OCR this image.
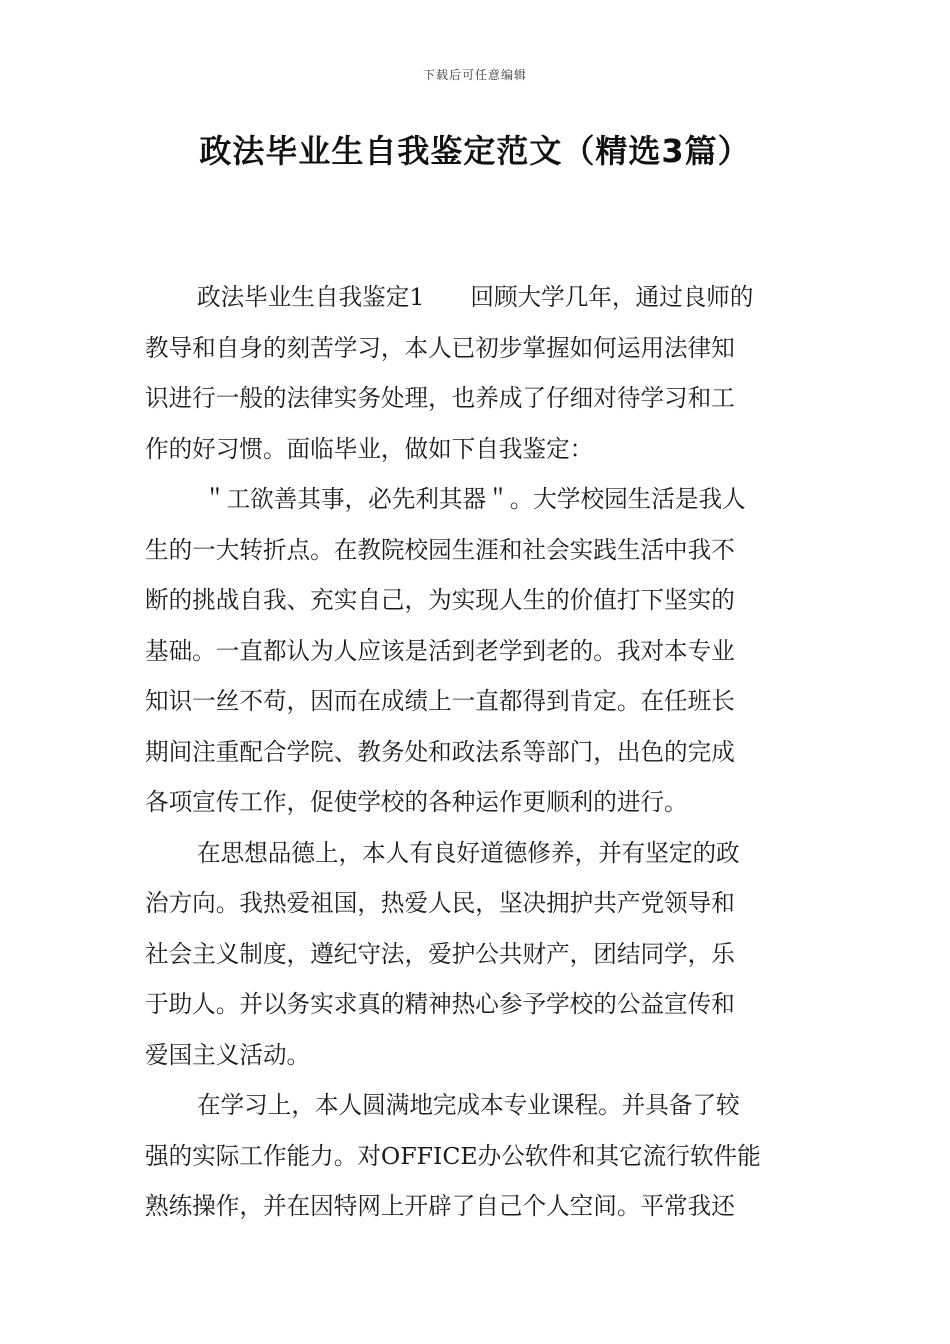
下载后可任意编辑
政法毕业生自我鉴定范文（精选3篇）
政法毕业生自我鉴定1 回顾大学几年，通过良师的
教导和自身的刻苦学习，本人已初步掌握如何运用法律知
识进行一般的法律实务处理，也养成了仔细对待学习和工
作的好习惯。面临毕业，做如下自我鉴定：
＂工欲善其事，必先利其器＂。大学校园生活是我人
生的一大转折点。在教院校园生涯和社会实践生活中我不
断的挑战自我、充实自己，为实现人生的价值打下坚实的
基础。一直都认为人应该是活到老学到老的。我对本专业
知识一丝不苟，因而在成绩上一直都得到肯定。在任班长
期间注重配合学院、教务处和政法系等部门，出色的完成
各项宣传工作，促使学校的各种运作更顺利的进行。
在思想品德上，本人有良好道德修养，并有坚定的政
治方向。我热爱祖国，热爱人民，坚决拥护共产党领导和
社会主义制度，遵纪守法，爱护公共财产，团结同学，乐
于助人。并以务实求真的精神热心参予学校的公益宣传和
爱国主义活动。
在学习上，本人圆满地完成本专业课程。并具备了较
强的实际工作能力。对OFFICE办公软件和其它流行软件能
熟练操作，并在因特网上开辟了自己个人空间。平常我还
